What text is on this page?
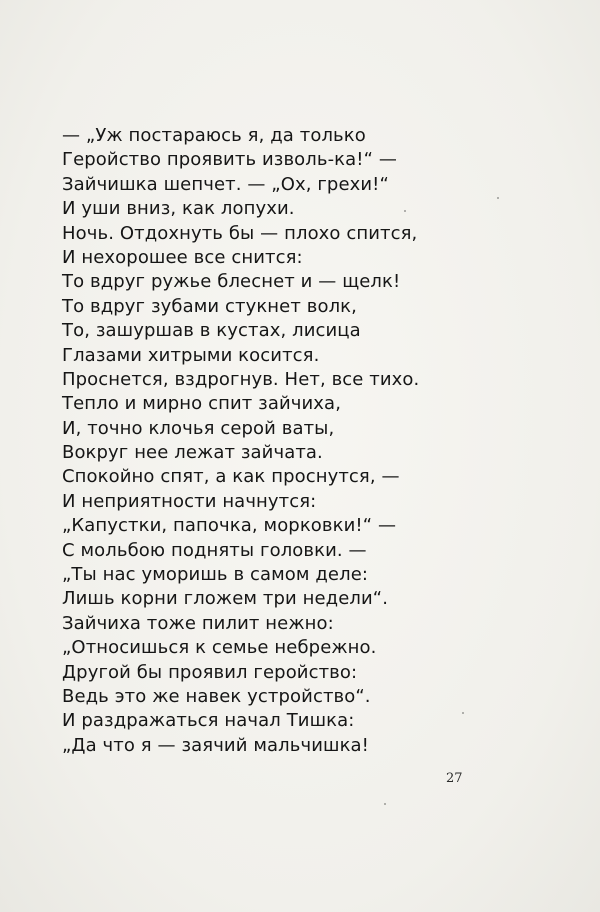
— „Уж постараюсь я, да только
Геройство проявить изволь-ка!“ —
Зайчишка шепчет. — „Ох, грехи!“
И уши вниз, как лопухи.
Ночь. Отдохнуть бы — плохо спится,
И нехорошее все снится:
То вдруг ружье блеснет и — щелк!
То вдруг зубами стукнет волк,
То, зашуршав в кустах, лисица
Глазами хитрыми косится.
Проснется, вздрогнув. Нет, все тихо.
Тепло и мирно спит зайчиха,
И, точно клочья серой ваты,
Вокруг нее лежат зайчата.
Спокойно спят, а как проснутся, —
И неприятности начнутся:
„Капустки, папочка, морковки!“ —
С мольбою подняты головки. —
„Ты нас уморишь в самом деле:
Лишь корни гложем три недели“.
Зайчиха тоже пилит нежно:
„Относишься к семье небрежно.
Другой бы проявил геройство:
Ведь это же навек устройство“.
И раздражаться начал Тишка:
„Да что я — заячий мальчишка!
27
